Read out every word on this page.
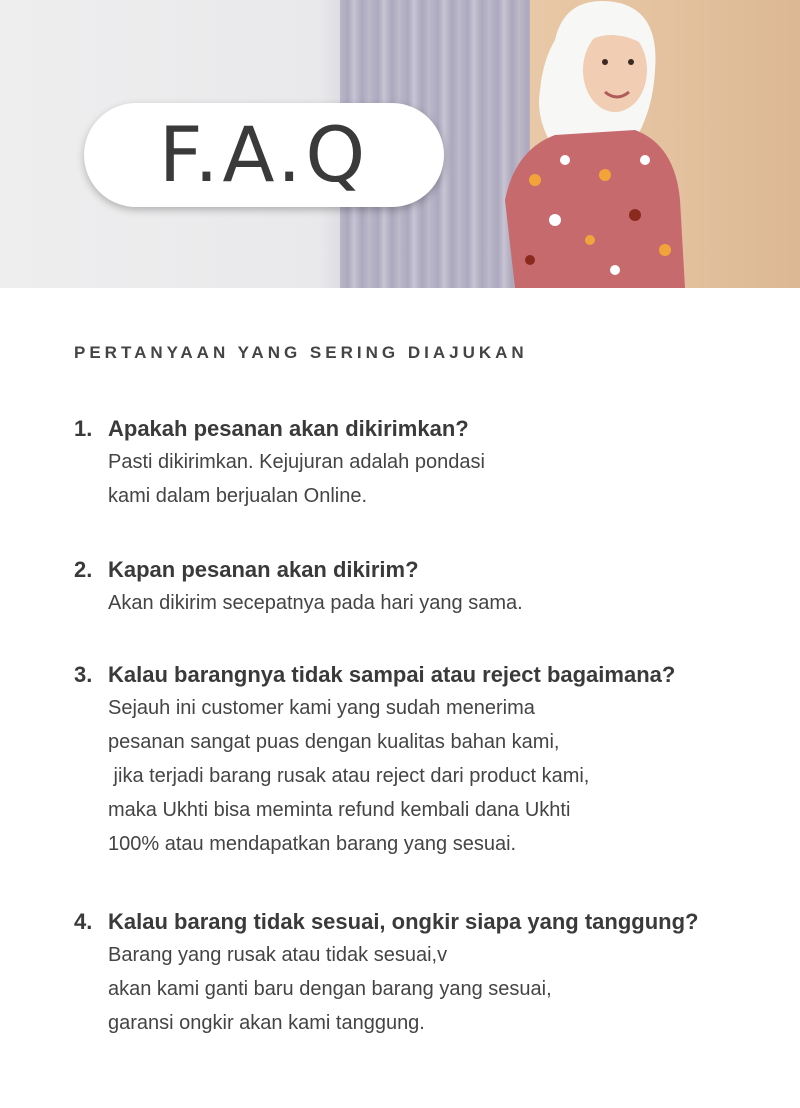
F.A.Q
PERTANYAAN YANG SERING DIAJUKAN
1. Apakah pesanan akan dikirimkan?
Pasti dikirimkan. Kejujuran adalah pondasi
kami dalam berjualan Online.
2. Kapan pesanan akan dikirim?
Akan dikirim secepatnya pada hari yang sama.
3. Kalau barangnya tidak sampai atau reject bagaimana?
Sejauh ini customer kami yang sudah menerima
pesanan sangat puas dengan kualitas bahan kami,
jika terjadi barang rusak atau reject dari product kami,
maka Ukhti bisa meminta refund kembali dana Ukhti
100% atau mendapatkan barang yang sesuai.
4. Kalau barang tidak sesuai, ongkir siapa yang tanggung?
Barang yang rusak atau tidak sesuai,v
akan kami ganti baru dengan barang yang sesuai,
garansi ongkir akan kami tanggung.
